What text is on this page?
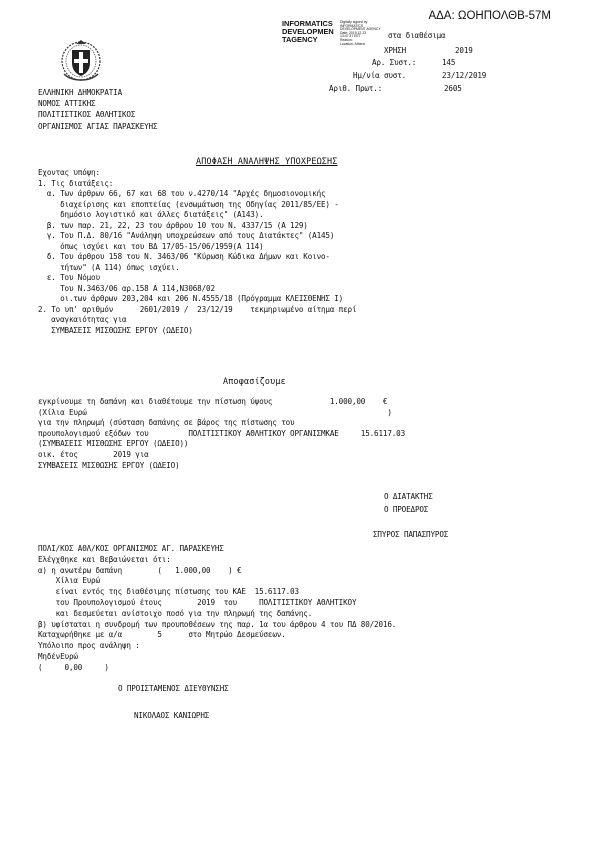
ΑΔΑ: ΩΟΗΠΟΛΘΒ-57Μ
INFORMATICS
DEVELOPMEN
TAGENCY
Digitally signed by
INFORMATICS
DEVELOPMENT AGENCY
Date: 2019.12.23
13:47:37 EET
Reason:
Location: Athens
στα διαθέσιμα
ΧΡΗΣΗ	2019
Αρ. Συστ.:	145
Ημ/νία συστ.	23/12/2019
Αριθ. Πρωτ.:	2605
ΕΛΛΗΝΙΚΗ ΔΗΜΟΚΡΑΤΙΑ
ΝΟΜΟΣ ΑΤΤΙΚΗΣ
ΠΟΛΙΤΙΣΤΙΚΟΣ ΑΘΛΗΤΙΚΟΣ
ΟΡΓΑΝΙΣΜΟΣ ΑΓΙΑΣ ΠΑΡΑΣΚΕΥΗΣ
ΑΠΟΦΑΣΗ ΑΝΑΛΗΨΗΣ ΥΠΟΧΡΕΩΣΗΣ
Εχοντας υπόψη:
1. Τις διατάξεις:
α. Των άρθρων 66, 67 και 68 του ν.4270/14 "Αρχές δημοσιονομικής
διαχείρισης και εποπτείας (ενσωμάτωση της Οδηγίας 2011/85/ΕΕ) -
δημόσιο λογιστικό και άλλες διατάξεις" (Α143).
β. των παρ. 21, 22, 23 του άρθρου 10 του Ν. 4337/15 (Α 129)
γ. Του Π.Δ. 80/16 "Ανάληψη υποχρεώσεων από τους Διατάκτες" (Α145)
όπως ισχύει και του ΒΔ 17/05-15/06/1959(Α 114)
δ. Του άρθρου 158 του Ν. 3463/06 "Κύρωση Κώδικα Δήμων και Κοινο-
τήτων" (Α 114) όπως ισχύει.
ε. Του Νόμου
Του Ν.3463/06 αρ.158 Α 114,Ν3068/02
οι.των άρθρων 203,204 και 206 Ν.4555/18 (Πρόγραμμα ΚΛΕΙΣΘΕΝΗΣ Ι)
2. Το υπ' αριθμόν      2601/2019 /  23/12/19    τεκμηριωμένο αίτημα περί
αναγκαιότητας για
ΣΥΜΒΑΣΕΙΣ ΜΙΣΘΩΣΗΣ ΕΡΓΟΥ (ΩΔΕΙΟ)
Αποφασίζουμε
εγκρίνουμε τη δαπάνη και διαθέτουμε την πίστωση ύψους             1.000,00    €
(Χίλια Ευρώ                                                                    )
για την πληρωμή (σύσταση δαπάνης σε βάρος της πίστωσης του
προυπολογισμού εξόδων του         ΠΟΛΙΤΙΣΤΙΚΟΥ ΑΘΛΗΤΙΚΟΥ ΟΡΓΑΝΙΣΜΚΑΕ     15.6117.03
(ΣΥΜΒΑΣΕΙΣ ΜΙΣΘΩΣΗΣ ΕΡΓΟΥ (ΩΔΕΙΟ))
οικ. έτος        2019 για
ΣΥΜΒΑΣΕΙΣ ΜΙΣΘΩΣΗΣ ΕΡΓΟΥ (ΩΔΕΙΟ)
Ο ΔΙΑΤΑΚΤΗΣ
Ο ΠΡΟΕΔΡΟΣ
ΣΠΥΡΟΣ ΠΑΠΑΣΠΥΡΟΣ
ΠΟΛΙ/ΚΟΣ ΑΘΛ/ΚΟΣ ΟΡΓΑΝΙΣΜΟΣ ΑΓ. ΠΑΡΑΣΚΕΥΗΣ
Ελέγχθηκε και Βεβαιώνεται ότι:
α) η ανωτέρω δαπάνη        (   1.000,00    ) €
Χίλια Ευρώ
είναι εντός της διαθέσιμης πίστωσης του ΚΑΕ  15.6117.03
του Προυπολογισμού έτους        2019  του     ΠΟΛΙΤΙΣΤΙΚΟΥ ΑΘΛΗΤΙΚΟΥ
και δεσμεύεται ανίστοιχο ποσό για την πληρωμή της δαπάνης.
β) υφίσταται η συνδρομή των προυποθέσεων της παρ. 1α του άρθρου 4 του ΠΔ 80/2016.
Καταχωρήθηκε με α/α        5      στο Μητρώο Δεσμεύσεων.
Υπόλοιπο προς ανάληψη :
ΜηδένΕυρώ
(     0,00     )
Ο ΠΡΟΙΣΤΑΜΕΝΟΣ ΔΙΕΥΘΥΝΣΗΣ
ΝΙΚΟΛΑΟΣ ΚΑΝΙΩΡΗΣ
